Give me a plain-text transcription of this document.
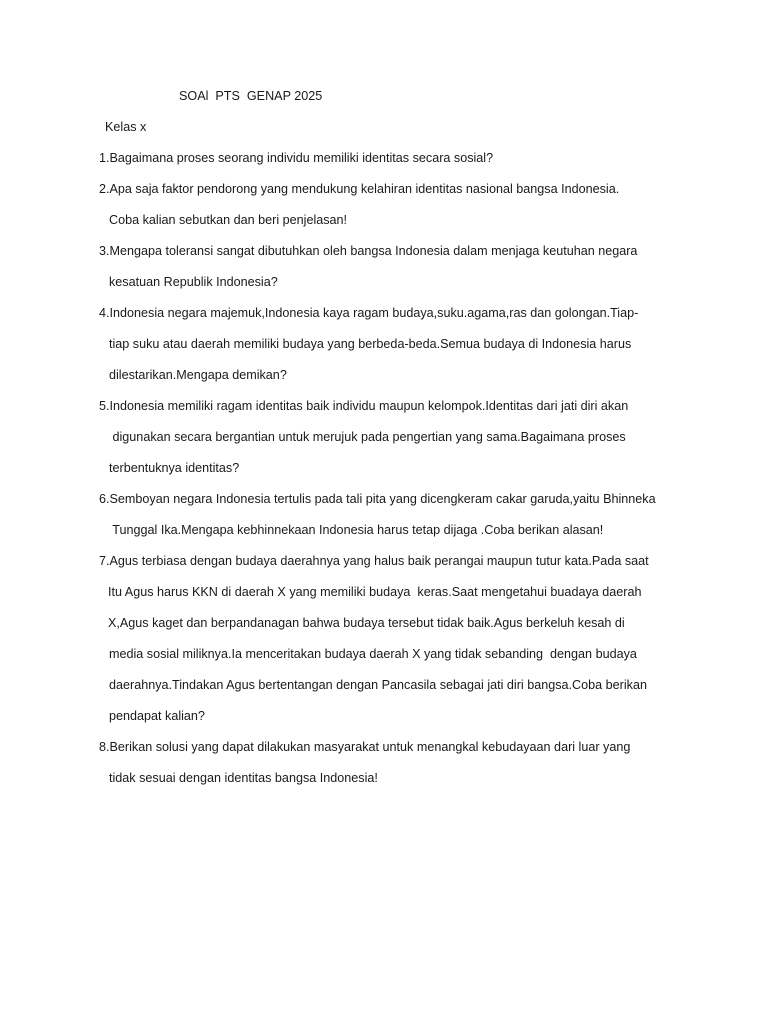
SOAl  PTS  GENAP 2025
Kelas x
1.Bagaimana proses seorang individu memiliki identitas secara sosial?
2.Apa saja faktor pendorong yang mendukung kelahiran identitas nasional bangsa Indonesia.
Coba kalian sebutkan dan beri penjelasan!
3.Mengapa toleransi sangat dibutuhkan oleh bangsa Indonesia dalam menjaga keutuhan negara
kesatuan Republik Indonesia?
4.Indonesia negara majemuk,Indonesia kaya ragam budaya,suku.agama,ras dan golongan.Tiap-
tiap suku atau daerah memiliki budaya yang berbeda-beda.Semua budaya di Indonesia harus
dilestarikan.Mengapa demikan?
5.Indonesia memiliki ragam identitas baik individu maupun kelompok.Identitas dari jati diri akan
digunakan secara bergantian untuk merujuk pada pengertian yang sama.Bagaimana proses
terbentuknya identitas?
6.Semboyan negara Indonesia tertulis pada tali pita yang dicengkeram cakar garuda,yaitu Bhinneka
Tunggal Ika.Mengapa kebhinnekaan Indonesia harus tetap dijaga .Coba berikan alasan!
7.Agus terbiasa dengan budaya daerahnya yang halus baik perangai maupun tutur kata.Pada saat
Itu Agus harus KKN di daerah X yang memiliki budaya  keras.Saat mengetahui buadaya daerah
X,Agus kaget dan berpandanagan bahwa budaya tersebut tidak baik.Agus berkeluh kesah di
media sosial miliknya.Ia menceritakan budaya daerah X yang tidak sebanding  dengan budaya
daerahnya.Tindakan Agus bertentangan dengan Pancasila sebagai jati diri bangsa.Coba berikan
pendapat kalian?
8.Berikan solusi yang dapat dilakukan masyarakat untuk menangkal kebudayaan dari luar yang
tidak sesuai dengan identitas bangsa Indonesia!
